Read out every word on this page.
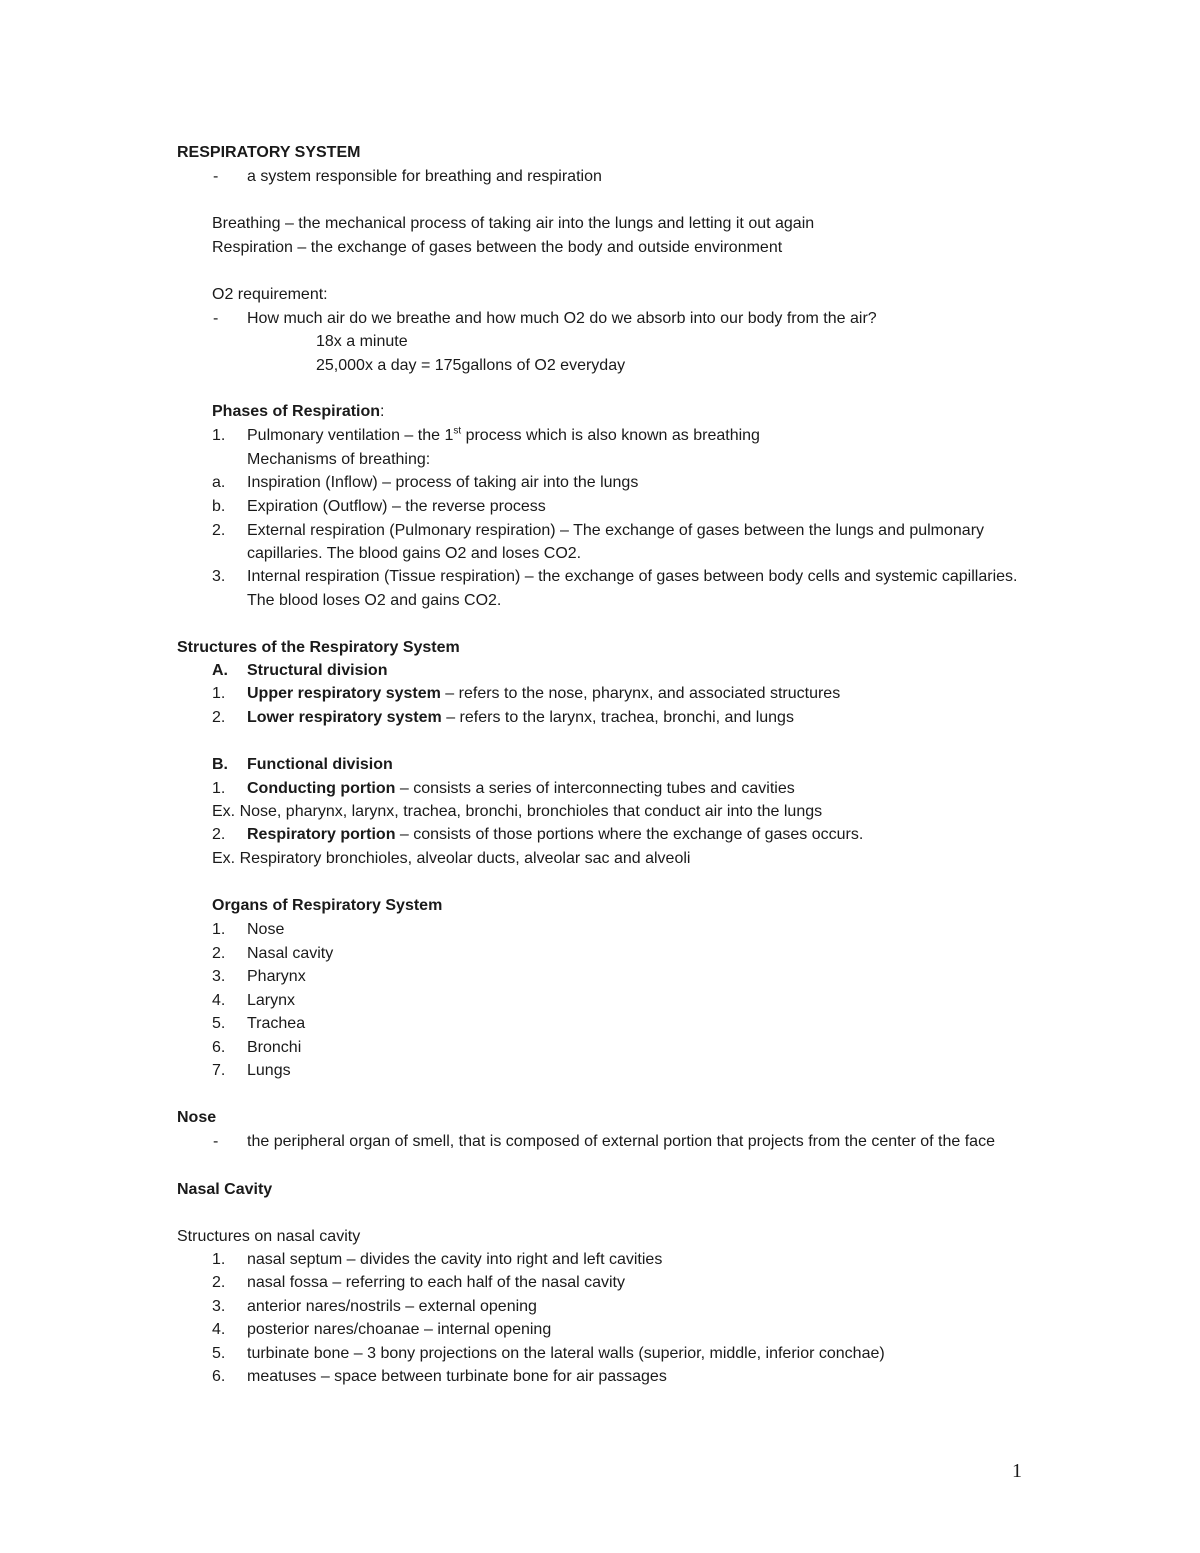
RESPIRATORY SYSTEM
- a system responsible for breathing and respiration
Breathing – the mechanical process of taking air into the lungs and letting it out again
Respiration – the exchange of gases between the body and outside environment
O2 requirement:
- How much air do we breathe and how much O2 do we absorb into our body from the air?
18x a minute
25,000x a day = 175gallons of O2 everyday
Phases of Respiration:
1. Pulmonary ventilation – the 1st process which is also known as breathing
Mechanisms of breathing:
a. Inspiration (Inflow) – process of taking air into the lungs
b. Expiration (Outflow) – the reverse process
2. External respiration (Pulmonary respiration) – The exchange of gases between the lungs and pulmonary
capillaries. The blood gains O2 and loses CO2.
3. Internal respiration (Tissue respiration) – the exchange of gases between body cells and systemic capillaries.
The blood loses O2 and gains CO2.
Structures of the Respiratory System
A. Structural division
1. Upper respiratory system – refers to the nose, pharynx, and associated structures
2. Lower respiratory system – refers to the larynx, trachea, bronchi, and lungs
B. Functional division
1. Conducting portion – consists a series of interconnecting tubes and cavities
Ex. Nose, pharynx, larynx, trachea, bronchi, bronchioles that conduct air into the lungs
2. Respiratory portion – consists of those portions where the exchange of gases occurs.
Ex. Respiratory bronchioles, alveolar ducts, alveolar sac and alveoli
Organs of Respiratory System
1. Nose
2. Nasal cavity
3. Pharynx
4. Larynx
5. Trachea
6. Bronchi
7. Lungs
Nose
- the peripheral organ of smell, that is composed of external portion that projects from the center of the face
Nasal Cavity
Structures on nasal cavity
1. nasal septum – divides the cavity into right and left cavities
2. nasal fossa – referring to each half of the nasal cavity
3. anterior nares/nostrils – external opening
4. posterior nares/choanae – internal opening
5. turbinate bone – 3 bony projections on the lateral walls (superior, middle, inferior conchae)
6. meatuses – space between turbinate bone for air passages
1
